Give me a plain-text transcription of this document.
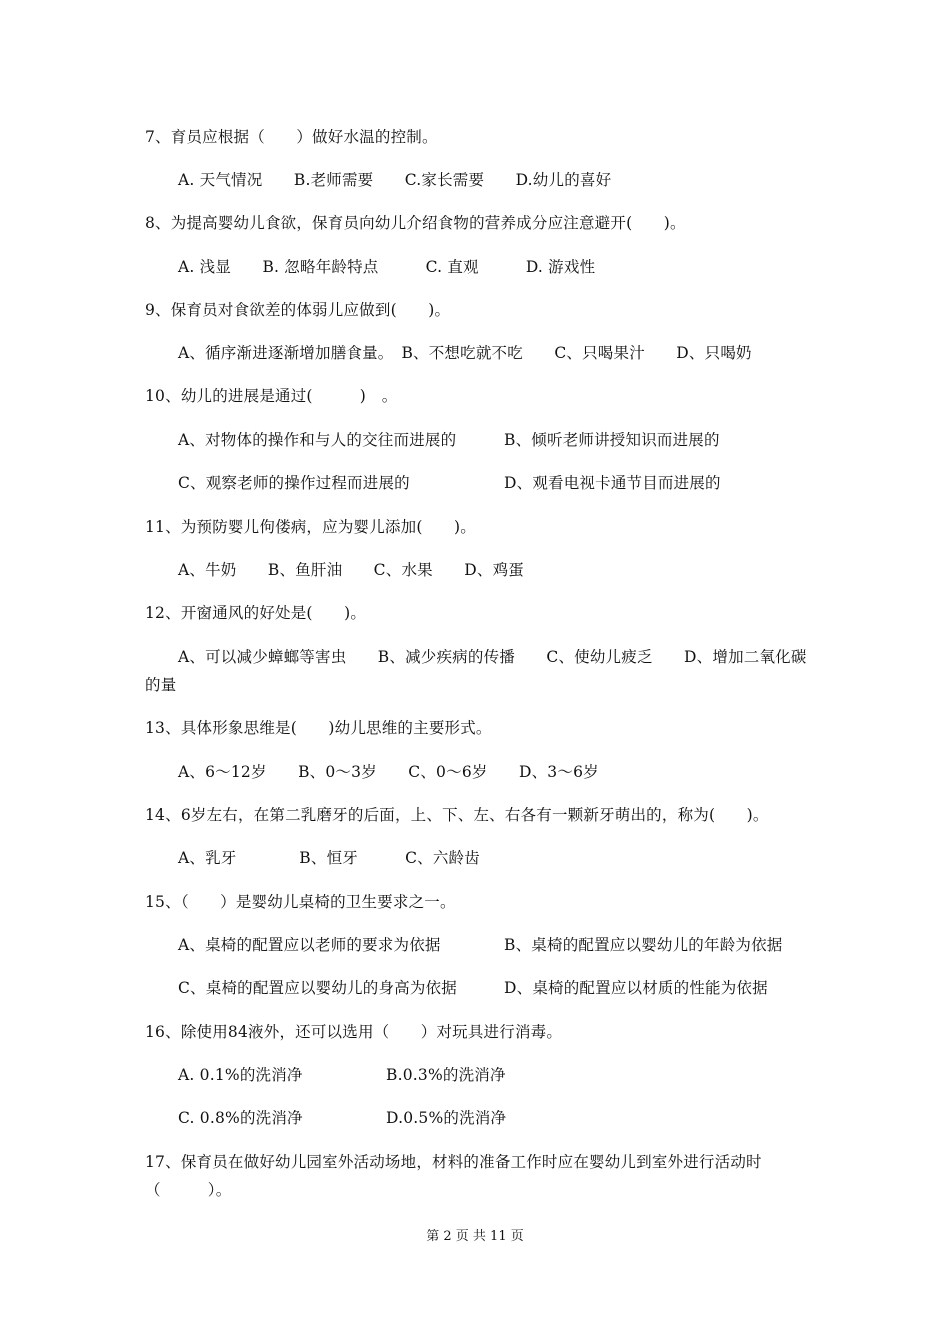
7、育员应根据（　　）做好水温的控制。
A. 天气情况　　B.老师需要　　C.家长需要　　D.幼儿的喜好
8、为提高婴幼儿食欲，保育员向幼儿介绍食物的营养成分应注意避开(　　)。
A. 浅显　　B. 忽略年龄特点　　　C. 直观　　　D. 游戏性
9、保育员对食欲差的体弱儿应做到(　　)。
A、循序渐进逐渐增加膳食量。　B、不想吃就不吃　　C、只喝果汁　　D、只喝奶
10、幼儿的进展是通过(　　　)　。
A、对物体的操作和与人的交往而进展的	B、倾听老师讲授知识而进展的
C、观察老师的操作过程而进展的	D、观看电视卡通节目而进展的
11、为预防婴儿佝偻病，应为婴儿添加(　　)。
A、牛奶　　B、鱼肝油　　C、水果　　D、鸡蛋
12、开窗通风的好处是(　　)。
A、可以减少蟑螂等害虫　　B、减少疾病的传播　　C、使幼儿疲乏　　D、增加二氧化碳
的量
13、具体形象思维是(　　)幼儿思维的主要形式。
A、6～12岁　　B、0～3岁　　C、0～6岁　　D、3～6岁
14、6岁左右，在第二乳磨牙的后面，上、下、左、右各有一颗新牙萌出的，称为(　　)。
A、乳牙　　　　B、恒牙　　　C、六龄齿
15、（　　）是婴幼儿桌椅的卫生要求之一。
A、桌椅的配置应以老师的要求为依据	B、桌椅的配置应以婴幼儿的年龄为依据
C、桌椅的配置应以婴幼儿的身高为依据	D、桌椅的配置应以材质的性能为依据
16、除使用84液外，还可以选用（　　）对玩具进行消毒。
A. 0.1%的洗消净	B.0.3%的洗消净
C. 0.8%的洗消净	D.0.5%的洗消净
17、保育员在做好幼儿园室外活动场地，材料的准备工作时应在婴幼儿到室外进行活动时
（　　　）。
第 2 页 共 11 页
